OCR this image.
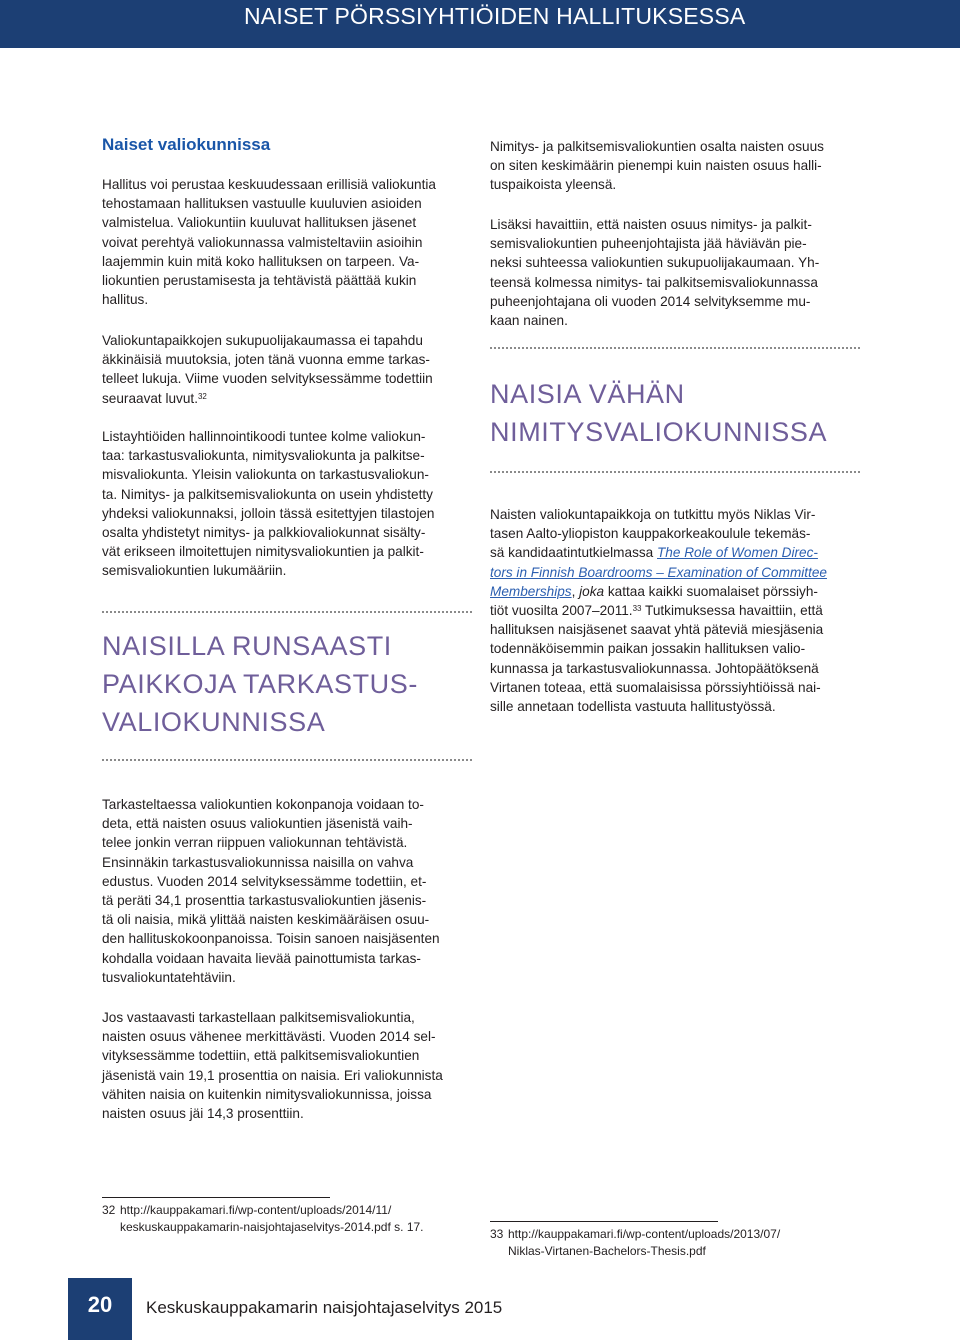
NAISET PÖRSSIYHTIÖIDEN HALLITUKSESSA
Naiset valiokunnissa

Hallitus voi perustaa keskuudessaan erillisiä valiokuntia

tehostamaan hallituksen vastuulle kuuluvien asioiden

valmistelua. Valiokuntiin kuuluvat hallituksen jäsenet

voivat perehtyä valiokunnassa valmisteltaviin asioihin

laajemmin kuin mitä koko hallituksen on tarpeen. Va-

liokuntien perustamisesta ja tehtävistä päättää kukin

hallitus.

Valiokuntapaikkojen sukupuolijakaumassa ei tapahdu

äkkinäisiä muutoksia, joten tänä vuonna emme tarkas-

telleet lukuja. Viime vuoden selvityksessämme todettiin

seuraavat luvut.$^{32}$

Listayhtiöiden hallinnointikoodi tuntee kolme valiokun-

taa: tarkastusvaliokunta, nimitysvaliokunta ja palkitse-

misvaliokunta. Yleisin valiokunta on tarkastusvaliokun-

ta. Nimitys- ja palkitsemisvaliokunta on usein yhdistetty

yhdeksi valiokunnaksi, jolloin tässä esitettyjen tilastojen

osalta yhdistetyt nimitys- ja palkkiovaliokunnat sisälty-

vät erikseen ilmoitettujen nimitysvaliokuntien ja palkit-

semisvaliokuntien lukumääriin.

NAISILLA RUNSAASTI
PAIKKOJA TARKASTUS-
VALIOKUNNISSA

Tarkasteltaessa valiokuntien kokonpanoja voidaan to-

deta, että naisten osuus valiokuntien jäsenistä vaih-

telee jonkin verran riippuen valiokunnan tehtävistä.

Ensinnäkin tarkastusvaliokunnissa naisilla on vahva

edustus. Vuoden 2014 selvityksessämme todettiin, et-

tä peräti 34,1 prosenttia tarkastusvaliokuntien jäsenis-

tä oli naisia, mikä ylittää naisten keskimääräisen osuu-

den hallituskokoonpanoissa. Toisin sanoen naisjäsenten

kohdalla voidaan havaita lievää painottumista tarkas-

tusvaliokuntatehtäviin.

Jos vastaavasti tarkastellaan palkitsemisvaliokuntia,

naisten osuus vähenee merkittävästi. Vuoden 2014 sel-

vityksessämme todettiin, että palkitsemisvaliokuntien

jäsenistä vain 19,1 prosenttia on naisia. Eri valiokunnista

vähiten naisia on kuitenkin nimitysvaliokunnissa, joissa

naisten osuus jäi 14,3 prosenttiin.

Nimitys- ja palkitsemisvaliokuntien osalta naisten osuus

on siten keskimäärin pienempi kuin naisten osuus halli-

tuspaikoista yleensä.

Lisäksi havaittiin, että naisten osuus nimitys- ja palkit-

semisvaliokuntien puheenjohtajista jää häviävän pie-

neksi suhteessa valiokuntien sukupuolijakaumaan. Yh-

teensä kolmessa nimitys- tai palkitsemisvaliokunnassa

puheenjohtajana oli vuoden 2014 selvityksemme mu-

kaan nainen.

NAISIA VÄHÄN
NIMITYSVALIOKUNNISSA

Naisten valiokuntapaikkoja on tutkittu myös Niklas Vir-

tasen Aalto-yliopiston kauppakorkeakoulule tekemäs-

sä kandidaatintutkielmassa The Role of Women Direc-

tors in Finnish Boardrooms – Examination of Committee

Memberships, joka kattaa kaikki suomalaiset pörssiyh-

tiöt vuosilta 2007–2011.33 Tutkimuksessa havaittiin, että

hallituksen naisjäsenet saavat yhtä päteviä miesjäsenia

todennäköisemmin paikan jossakin hallituksen valio-

kunnassa ja tarkastusvaliokunnassa. Johtopäätöksenä

Virtanen toteaa, että suomalaisissa pörssiyhtiöissä nai-

sille annetaan todellista vastuuta hallitustyössä.

32 http://kauppakamari.fi/wp-content/uploads/2014/11/
keskuskauppakamarin-naisjohtajaselvitys-2014.pdf s. 17.	33 http://kauppakamari.fi/wp-content/uploads/2013/07/
Niklas-Virtanen-Bachelors-Thesis.pdf
20	Keskuskauppakamarin naisjohtajaselvitys 2015
